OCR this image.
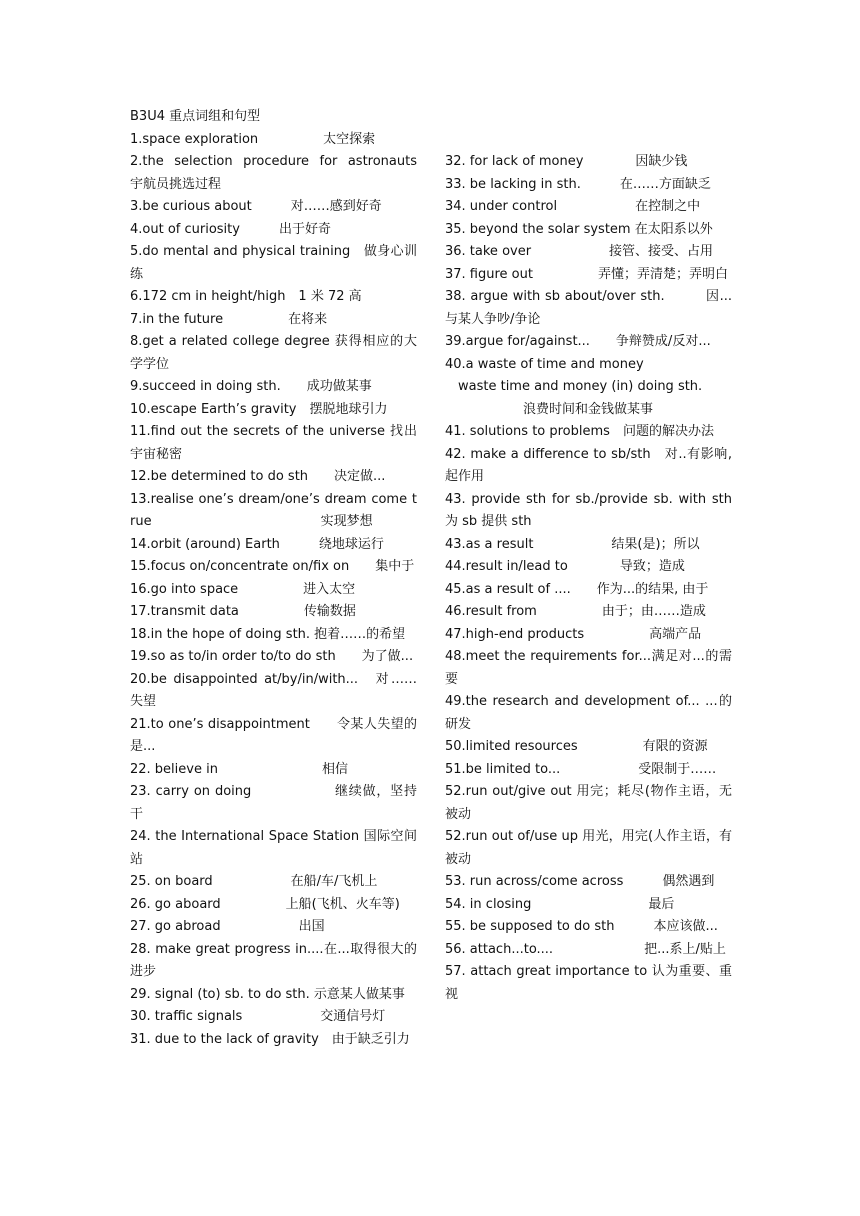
B3U4 重点词组和句型
1.space exploration　　　　　太空探索
2.the selection procedure for astronauts　　宇航员挑选过程
3.be curious about　　　对……感到好奇
4.out of curiosity　　　出于好奇
5.do mental and physical training　做身心训练
6.172 cm in height/high　1 米 72 高
7.in the future　　　　　在将来
8.get a related college degree 获得相应的大学学位
9.succeed in doing sth.　　成功做某事
10.escape Earth’s gravity　摆脱地球引力
11.find out the secrets of the universe 找出宇宙秘密
12.be determined to do sth　　决定做...
13.realise one’s dream/one’s dream come true　　　　　　　　　　　　　实现梦想
14.orbit (around) Earth　　　绕地球运行
15.focus on/concentrate on/fix on　　集中于
16.go into space　　　　　进入太空
17.transmit data　　　　　传输数据
18.in the hope of doing sth. 抱着……的希望
19.so as to/in order to/to do sth　　为了做...
20.be disappointed at/by/in/with...　对……失望
21.to one’s disappointment　　令某人失望的是...
22. believe in　　　　　　　　相信
23. carry on doing　　　　　　继续做，坚持干
24. the International Space Station 国际空间站
25. on board　　　　　　在船/车/飞机上
26. go aboard　　　　　上船(飞机、火车等)
27. go abroad　　　　　　出国
28. make great progress in....在...取得很大的进步
29. signal (to) sb. to do sth. 示意某人做某事
30. traffic signals　　　　　　交通信号灯
31. due to the lack of gravity　由于缺乏引力
32. for lack of money　　　　因缺少钱
33. be lacking in sth.　　　在……方面缺乏
34. under control　　　　　　在控制之中
35. beyond the solar system 在太阳系以外
36. take over　　　　　　接管、接受、占用
37. figure out　　　　　弄懂；弄清楚；弄明白
38. argue with sb about/over sth.　　　因...与某人争吵/争论
39.argue for/against...　　争辩赞成/反对...
40.a waste of time and money
　waste time and money (in) doing sth.
　　　　　　浪费时间和金钱做某事
41. solutions to problems　问题的解决办法
42. make a difference to sb/sth　对..有影响,起作用
43. provide sth for sb./provide sb. with sth　为 sb 提供 sth
43.as a result　　　　　　结果(是)；所以
44.result in/lead to　　　　导致；造成
45.as a result of ....　　作为...的结果, 由于
46.result from　　　　　由于；由……造成
47.high-end products　　　　　高端产品
48.meet the requirements for...满足对...的需要
49.the research and development of... ...的研发
50.limited resources　　　　　有限的资源
51.be limited to...　　　　　　受限制于……
52.run out/give out 用完；耗尽(物作主语，无被动
52.run out of/use up 用光，用完(人作主语，有被动
53. run across/come across　　　偶然遇到
54. in closing　　　　　　　　　最后
55. be supposed to do sth　　　本应该做...
56. attach...to....　　　　　　　把...系上/贴上
57. attach great importance to 认为重要、重视
